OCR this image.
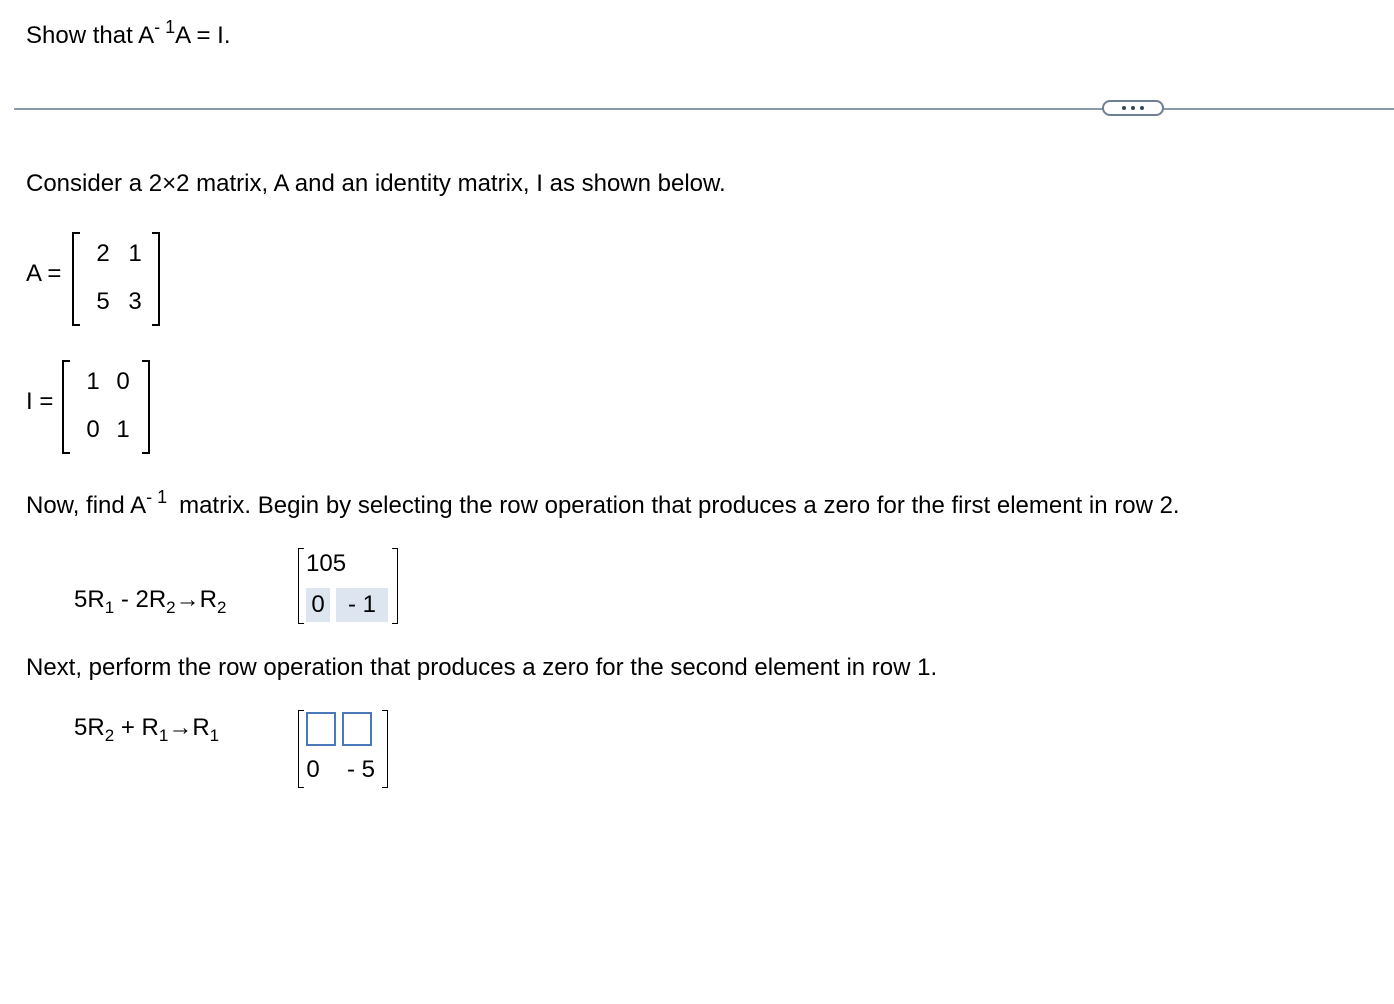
Show that $A^{- 1}A = I$.
Consider a 2×2 matrix, A and an identity matrix, I as shown below.
A =
2 1
5 3
I =
1 0
0 1
Now, find $A^{- 1}$ matrix. Begin by selecting the row operation that produces a zero for the first element in row 2.
$5R_1 - 2R_2\to R_2$
105
0 - 1
Next, perform the row operation that produces a zero for the second element in row 1.
$5R_2 + R_1\to R_1$
0	- 5
